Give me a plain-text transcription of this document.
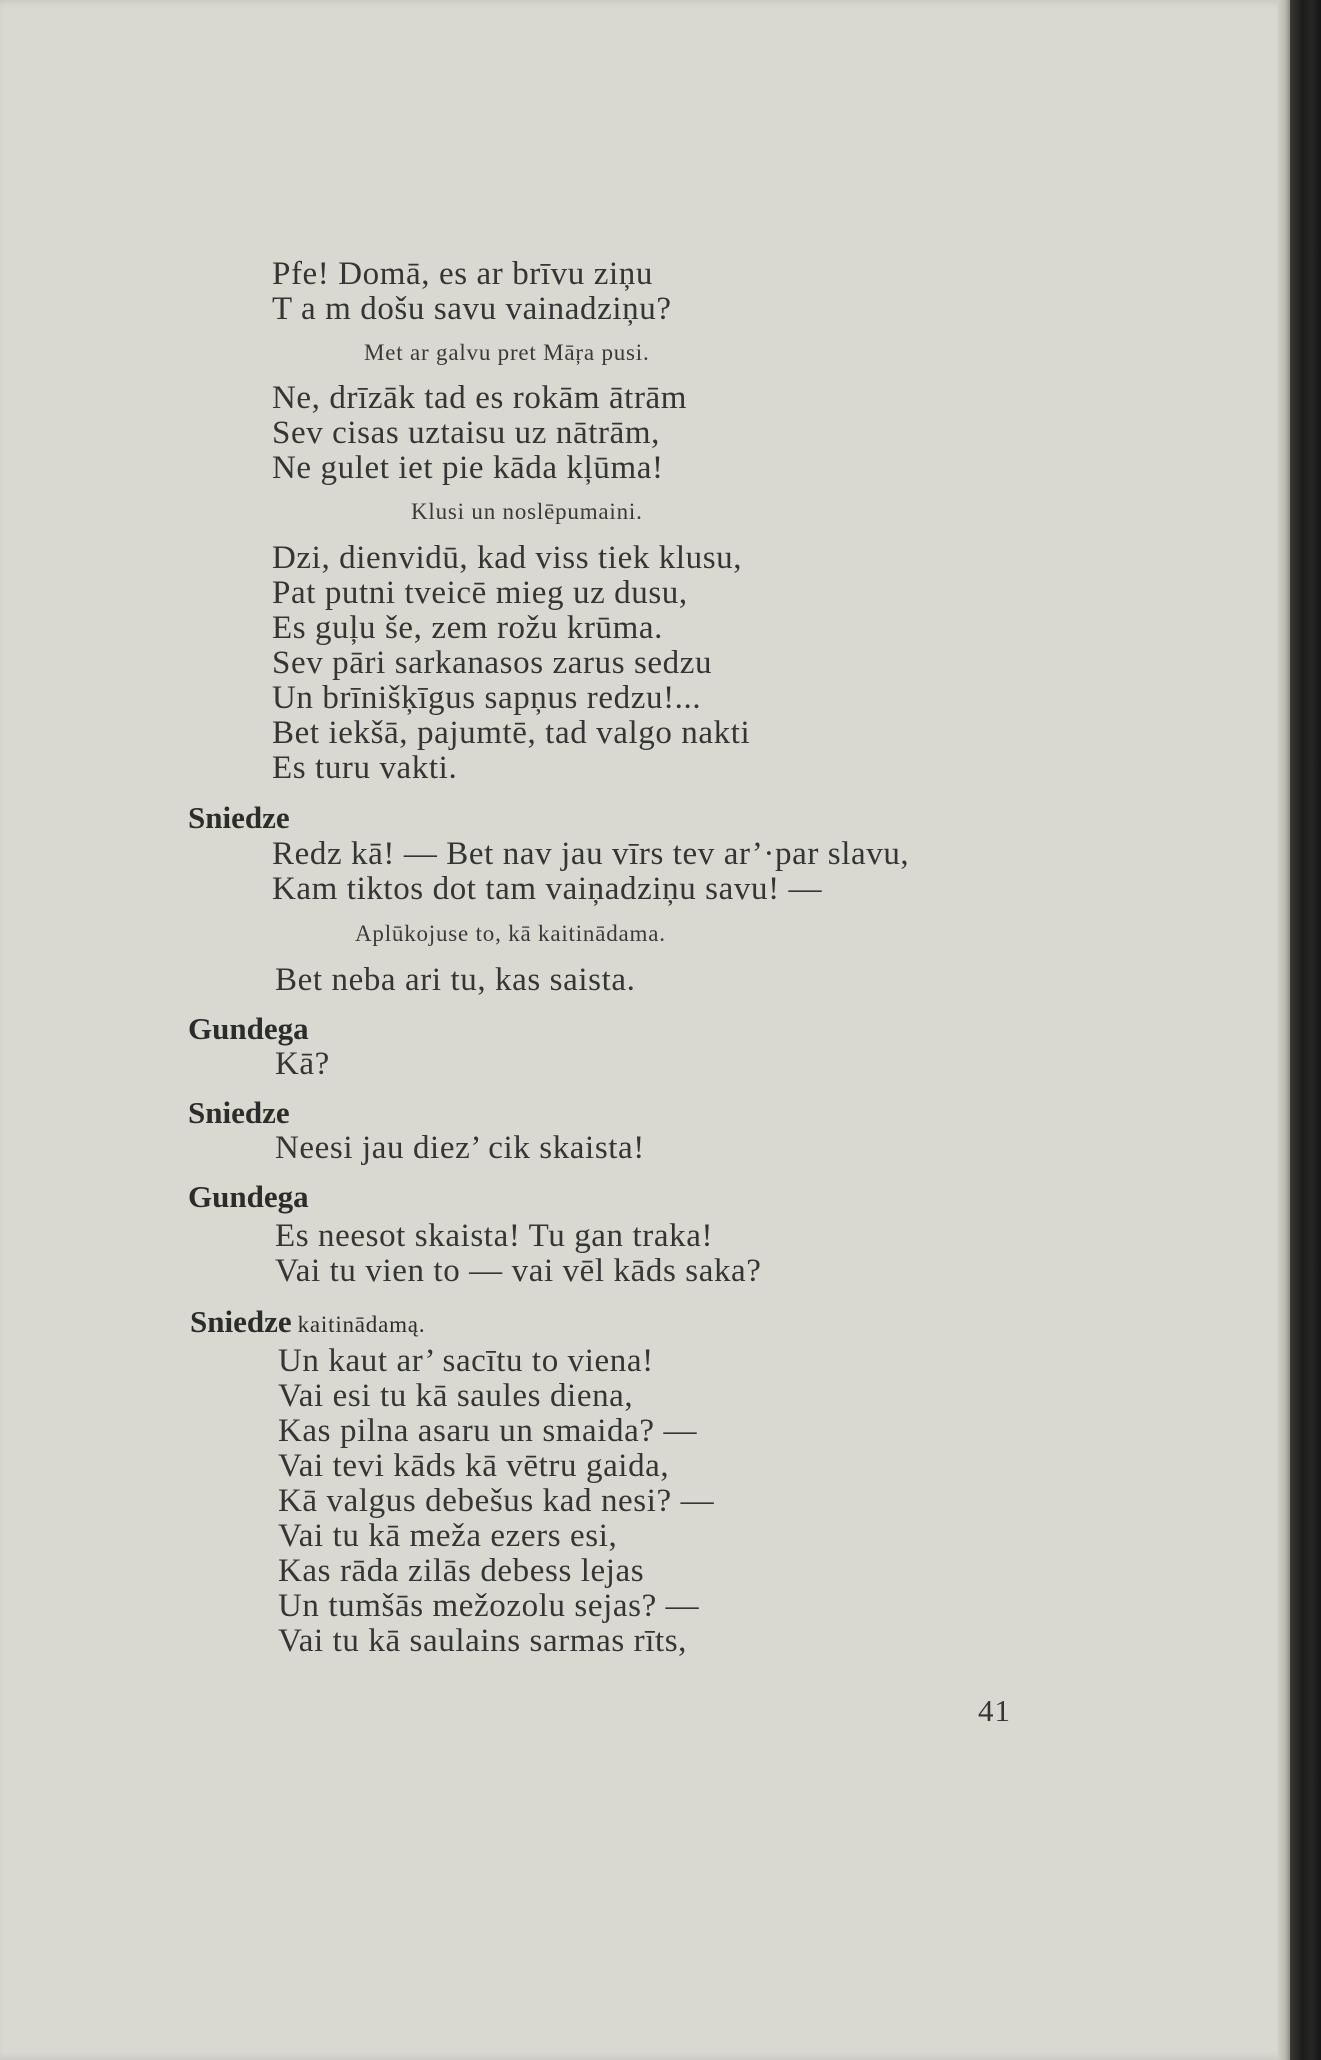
Pfe! Domā, es ar brīvu ziņu
T a m došu savu vainadziņu?
Met ar galvu pret Māŗa pusi.
Ne, drīzāk tad es rokām ātrām
Sev cisas uztaisu uz nātrām,
Ne gulet iet pie kāda kļūma!
Klusi un noslēpumaini.
Dzi, dienvidū, kad viss tiek klusu,
Pat putni tveicē mieg uz dusu,
Es guļu še, zem rožu krūma.
Sev pāri sarkanasos zarus sedzu
Un brīnišķīgus sapņus redzu!...
Bet iekšā, pajumtē, tad valgo nakti
Es turu vakti.
Sniedze
Redz kā! — Bet nav jau vīrs tev ar’·par slavu,
Kam tiktos dot tam vaiņadziņu savu! —
Aplūkojuse to, kā kaitinādama.
Bet neba ari tu, kas saista.
Gundega
Kā?
Sniedze
Neesi jau diez’ cik skaista!
Gundega
Es neesot skaista! Tu gan traka!
Vai tu vien to — vai vēl kāds saka?
Sniedze kaitinādamą.
Un kaut ar’ sacītu to viena!
Vai esi tu kā saules diena,
Kas pilna asaru un smaida? —
Vai tevi kāds kā vētru gaida,
Kā valgus debešus kad nesi? —
Vai tu kā meža ezers esi,
Kas rāda zilās debess lejas
Un tumšās mežozolu sejas? —
Vai tu kā saulains sarmas rīts,
41
